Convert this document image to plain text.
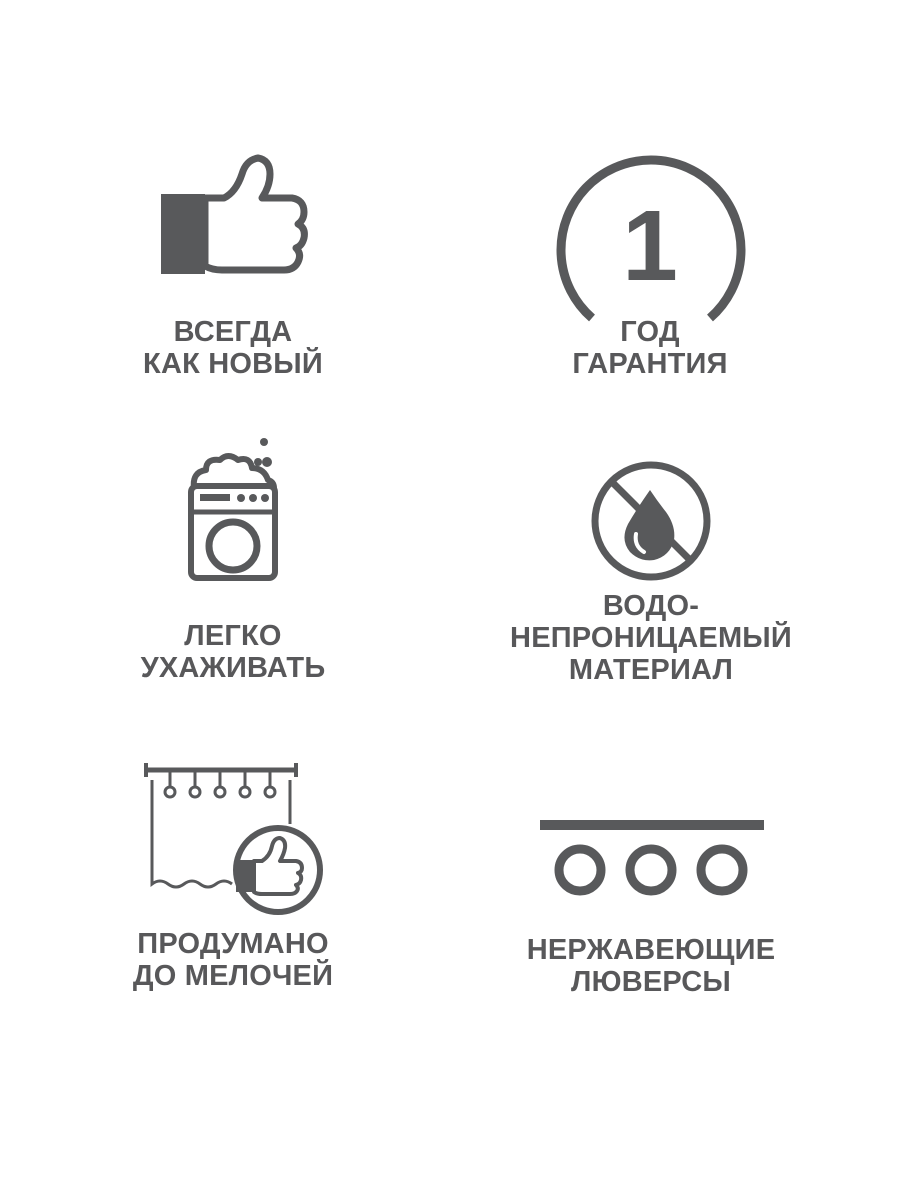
ВСЕГДА
КАК НОВЫЙ
1
ГОД
ГАРАНТИЯ
ЛЕГКО
УХАЖИВАТЬ
ВОДО-
НЕПРОНИЦАЕМЫЙ
МАТЕРИАЛ
ПРОДУМАНО
ДО МЕЛОЧЕЙ
НЕРЖАВЕЮЩИЕ
ЛЮВЕРСЫ
